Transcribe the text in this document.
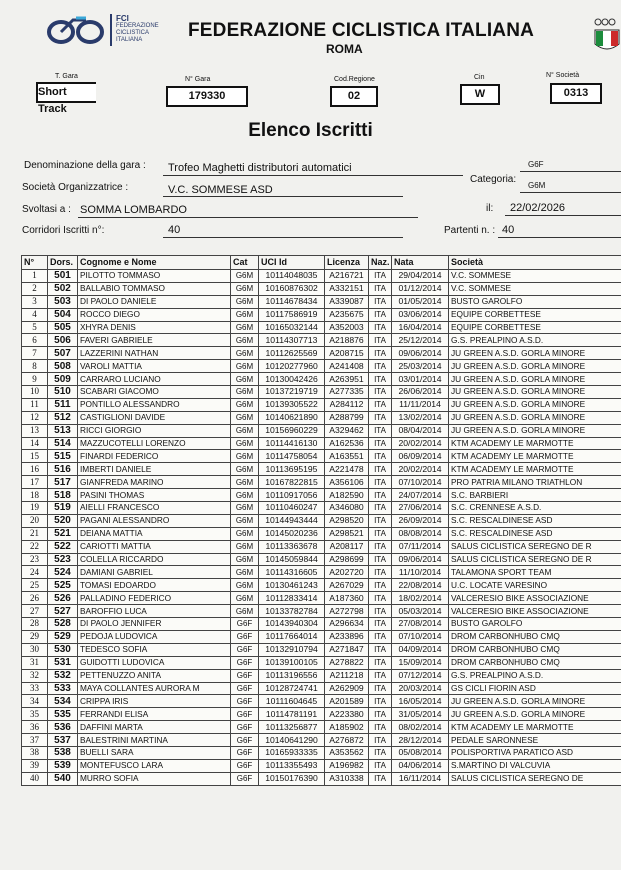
FCI
FEDERAZIONE
CICLISTICA
ITALIANA	FEDERAZIONE CICLISTICA ITALIANA
ROMA
T. Gara
Short Track
N° Gara
179330
Cod.Regione
02
Cin
W
N° Società
0313
Elenco Iscritti
Denominazione della gara : Trofeo Maghetti distributori automatici	G6F
Categoria:
G6M
Società Organizzatrice :	V.C. SOMMESE ASD
Svoltasi a : SOMMA LOMBARDO	il: 22/02/2026
Corridori Iscritti n°:	40	Partenti n. : 40
N°	Dors.	Cognome e Nome	Cat	UCI Id	Licenza	Naz.	Nata	Società
1	501	PILOTTO TOMMASO	G6M	10114048035	A216721	ITA	29/04/2014	V.C. SOMMESE
2	502	BALLABIO TOMMASO	G6M	10160876302	A332151	ITA	01/12/2014	V.C. SOMMESE
3	503	DI PAOLO DANIELE	G6M	10114678434	A339087	ITA	01/05/2014	BUSTO GAROLFO
4	504	ROCCO DIEGO	G6M	10117586919	A235675	ITA	03/06/2014	EQUIPE CORBETTESE
5	505	XHYRA DENIS	G6M	10165032144	A352003	ITA	16/04/2014	EQUIPE CORBETTESE
6	506	FAVERI GABRIELE	G6M	10114307713	A218876	ITA	25/12/2014	G.S. PREALPINO A.S.D.
7	507	LAZZERINI NATHAN	G6M	10112625569	A208715	ITA	09/06/2014	JU GREEN A.S.D. GORLA MINORE
8	508	VAROLI MATTIA	G6M	10120277960	A241408	ITA	25/03/2014	JU GREEN A.S.D. GORLA MINORE
9	509	CARRARO LUCIANO	G6M	10130042426	A263951	ITA	03/01/2014	JU GREEN A.S.D. GORLA MINORE
10	510	SCABARI GIACOMO	G6M	10137219719	A277335	ITA	26/06/2014	JU GREEN A.S.D. GORLA MINORE
11	511	PONTILLO ALESSANDRO	G6M	10139305522	A284112	ITA	11/11/2014	JU GREEN A.S.D. GORLA MINORE
12	512	CASTIGLIONI DAVIDE	G6M	10140621890	A288799	ITA	13/02/2014	JU GREEN A.S.D. GORLA MINORE
13	513	RICCI GIORGIO	G6M	10156960229	A329462	ITA	08/04/2014	JU GREEN A.S.D. GORLA MINORE
14	514	MAZZUCOTELLI LORENZO	G6M	10114416130	A162536	ITA	20/02/2014	KTM ACADEMY LE MARMOTTE
15	515	FINARDI FEDERICO	G6M	10114758054	A163551	ITA	06/09/2014	KTM ACADEMY LE MARMOTTE
16	516	IMBERTI DANIELE	G6M	10113695195	A221478	ITA	20/02/2014	KTM ACADEMY LE MARMOTTE
17	517	GIANFREDA MARINO	G6M	10167822815	A356106	ITA	07/10/2014	PRO PATRIA MILANO TRIATHLON
18	518	PASINI THOMAS	G6M	10110917056	A182590	ITA	24/07/2014	S.C. BARBIERI
19	519	AIELLI FRANCESCO	G6M	10110460247	A346080	ITA	27/06/2014	S.C. CRENNESE A.S.D.
20	520	PAGANI ALESSANDRO	G6M	10144943444	A298520	ITA	26/09/2014	S.C. RESCALDINESE ASD
21	521	DEIANA MATTIA	G6M	10145020236	A298521	ITA	08/08/2014	S.C. RESCALDINESE ASD
22	522	CARIOTTI MATTIA	G6M	10113363678	A208117	ITA	07/11/2014	SALUS CICLISTICA SEREGNO DE R
23	523	COLELLA RICCARDO	G6M	10145059844	A298699	ITA	09/06/2014	SALUS CICLISTICA SEREGNO DE R
24	524	DAMIANI GABRIEL	G6M	10114316605	A202720	ITA	11/10/2014	TALAMONA SPORT TEAM
25	525	TOMASI EDOARDO	G6M	10130461243	A267029	ITA	22/08/2014	U.C. LOCATE VARESINO
26	526	PALLADINO FEDERICO	G6M	10112833414	A187360	ITA	18/02/2014	VALCERESIO BIKE ASSOCIAZIONE
27	527	BAROFFIO LUCA	G6M	10133782784	A272798	ITA	05/03/2014	VALCERESIO BIKE ASSOCIAZIONE
28	528	DI PAOLO JENNIFER	G6F	10143940304	A296634	ITA	27/08/2014	BUSTO GAROLFO
29	529	PEDOJA LUDOVICA	G6F	10117664014	A233896	ITA	07/10/2014	DROM CARBONHUBO CMQ
30	530	TEDESCO SOFIA	G6F	10132910794	A271847	ITA	04/09/2014	DROM CARBONHUBO CMQ
31	531	GUIDOTTI LUDOVICA	G6F	10139100105	A278822	ITA	15/09/2014	DROM CARBONHUBO CMQ
32	532	PETTENUZZO ANITA	G6F	10113196556	A211218	ITA	07/12/2014	G.S. PREALPINO A.S.D.
33	533	MAYA COLLANTES AURORA M	G6F	10128724741	A262909	ITA	20/03/2014	GS CICLI FIORIN ASD
34	534	CRIPPA IRIS	G6F	10111604645	A201589	ITA	16/05/2014	JU GREEN A.S.D. GORLA MINORE
35	535	FERRANDI ELISA	G6F	10114781191	A223380	ITA	31/05/2014	JU GREEN A.S.D. GORLA MINORE
36	536	DAFFINI MARTA	G6F	10113256877	A185902	ITA	08/02/2014	KTM ACADEMY LE MARMOTTE
37	537	BALESTRINI MARTINA	G6F	10140641290	A276872	ITA	28/12/2014	PEDALE SARONNESE
38	538	BUELLI SARA	G6F	10165933335	A353562	ITA	05/08/2014	POLISPORTIVA PARATICO ASD
39	539	MONTEFUSCO LARA	G6F	10113355493	A196982	ITA	04/06/2014	S.MARTINO DI VALCUVIA
40	540	MURRO SOFIA	G6F	10150176390	A310338	ITA	16/11/2014	SALUS CICLISTICA SEREGNO DE
